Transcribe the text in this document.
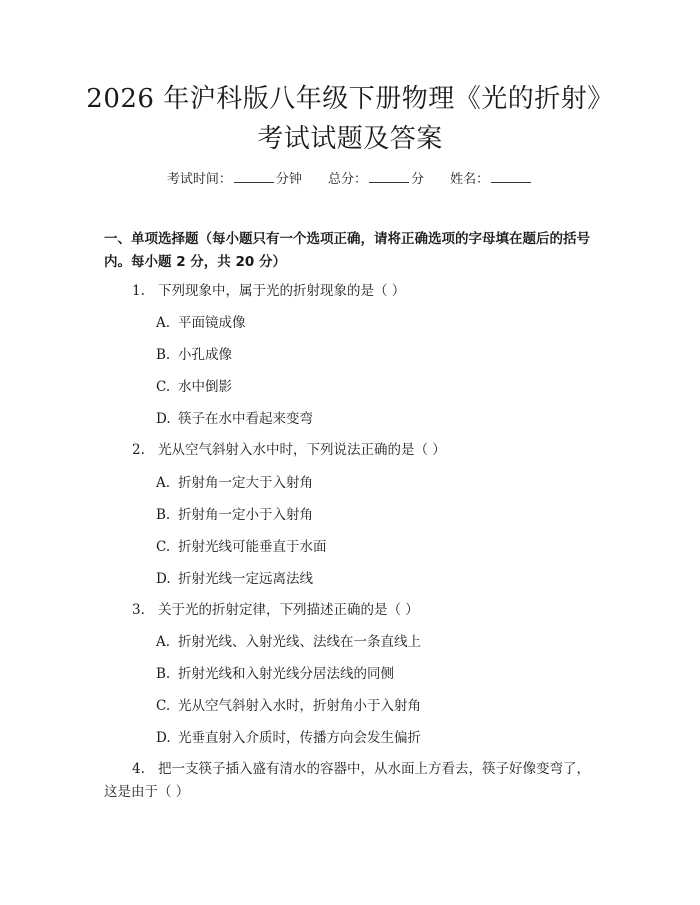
2026 年沪科版八年级下册物理《光的折射》
考试试题及答案
考试时间：	分钟 总分：	分 姓名：
一、单项选择题（每小题只有一个选项正确，请将正确选项的字母填在题后的括号内。每小题 2 分，共 20 分）
1. 下列现象中，属于光的折射现象的是（ ）
A. 平面镜成像
B. 小孔成像
C. 水中倒影
D. 筷子在水中看起来变弯
2. 光从空气斜射入水中时，下列说法正确的是（ ）
A. 折射角一定大于入射角
B. 折射角一定小于入射角
C. 折射光线可能垂直于水面
D. 折射光线一定远离法线
3. 关于光的折射定律，下列描述正确的是（ ）
A. 折射光线、入射光线、法线在一条直线上
B. 折射光线和入射光线分居法线的同侧
C. 光从空气斜射入水时，折射角小于入射角
D. 光垂直射入介质时，传播方向会发生偏折
4. 把一支筷子插入盛有清水的容器中，从水面上方看去，筷子好像变弯了，这是由于（ ）
